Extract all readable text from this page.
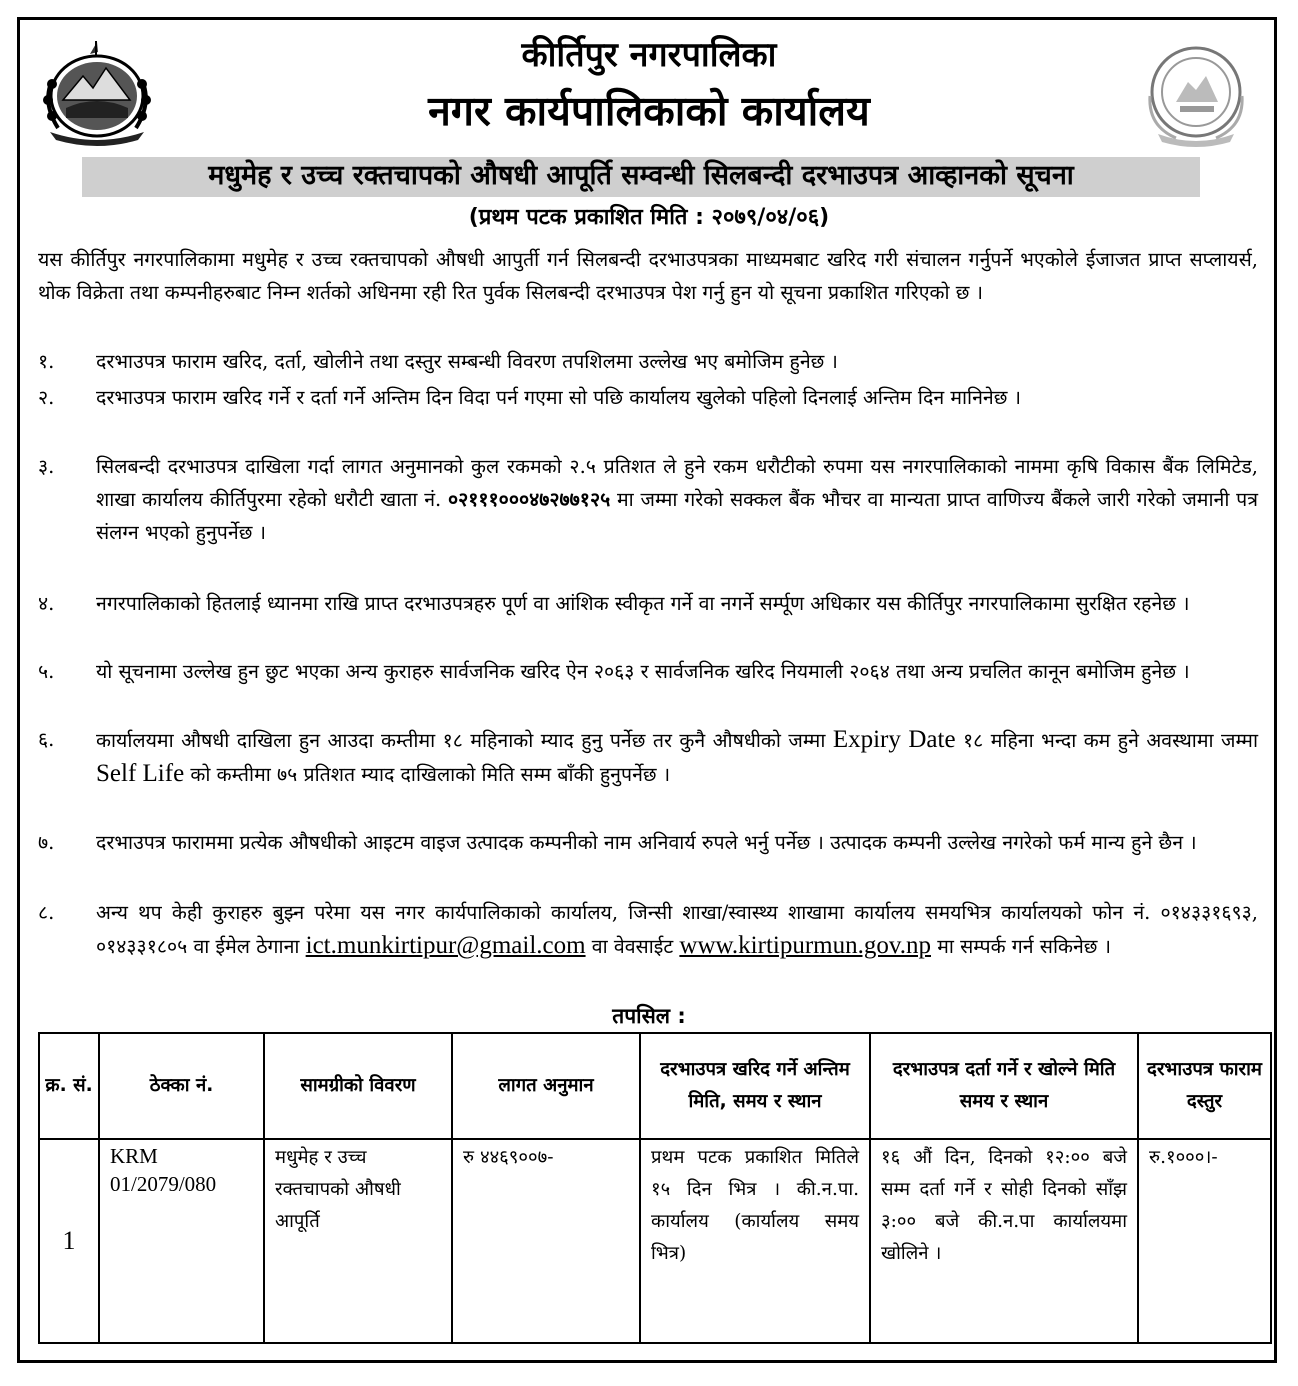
कीर्तिपुर नगरपालिका
नगर कार्यपालिकाको कार्यालय
मधुमेह र उच्च रक्तचापको औषधी आपूर्ति सम्वन्धी सिलबन्दी दरभाउपत्र आव्हानको सूचना
(प्रथम पटक प्रकाशित मिति : २०७९/०४/०६)
यस कीर्तिपुर नगरपालिकामा मधुमेह र उच्च रक्तचापको औषधी आपुर्ती गर्न सिलबन्दी दरभाउपत्रका माध्यमबाट खरिद गरी संचालन गर्नुपर्ने भएकोले ईजाजत प्राप्त सप्लायर्स, थोक विक्रेता तथा कम्पनीहरुबाट निम्न शर्तको अधिनमा रही रित पुर्वक सिलबन्दी दरभाउपत्र पेश गर्नु हुन यो सूचना प्रकाशित गरिएको छ ।
१.	दरभाउपत्र फाराम खरिद, दर्ता, खोलीने तथा दस्तुर सम्बन्धी विवरण तपशिलमा उल्लेख भए बमोजिम हुनेछ ।
२.	दरभाउपत्र फाराम खरिद गर्ने र दर्ता गर्ने अन्तिम दिन विदा पर्न गएमा सो पछि कार्यालय खुलेको पहिलो दिनलाई अन्तिम दिन मानिनेछ ।
३.	सिलबन्दी दरभाउपत्र दाखिला गर्दा लागत अनुमानको कुल रकमको २.५ प्रतिशत ले हुने रकम धरौटीको रुपमा यस नगरपालिकाको नाममा कृषि विकास बैंक लिमिटेड, शाखा कार्यालय कीर्तिपुरमा रहेको धरौटी खाता नं. ०२१११०००४७२७७१२५ मा जम्मा गरेको सक्कल बैंक भौचर वा मान्यता प्राप्त वाणिज्य बैंकले जारी गरेको जमानी पत्र संलग्न भएको हुनुपर्नेछ ।
४.	नगरपालिकाको हितलाई ध्यानमा राखि प्राप्त दरभाउपत्रहरु पूर्ण वा आंशिक स्वीकृत गर्ने वा नगर्ने सर्म्पूण अधिकार यस कीर्तिपुर नगरपालिकामा सुरक्षित रहनेछ ।
५.	यो सूचनामा उल्लेख हुन छुट भएका अन्य कुराहरु सार्वजनिक खरिद ऐन २०६३ र सार्वजनिक खरिद नियमाली २०६४ तथा अन्य प्रचलित कानून बमोजिम हुनेछ ।
६.	कार्यालयमा औषधी दाखिला हुन आउदा कम्तीमा १८ महिनाको म्याद हुनु पर्नेछ तर कुनै औषधीको जम्मा Expiry Date १८ महिना भन्दा कम हुने अवस्थामा जम्मा Self Life को कम्तीमा ७५ प्रतिशत म्याद दाखिलाको मिति सम्म बाँकी हुनुपर्नेछ ।
७.	दरभाउपत्र फाराममा प्रत्येक औषधीको आइटम वाइज उत्पादक कम्पनीको नाम अनिवार्य रुपले भर्नु पर्नेछ । उत्पादक कम्पनी उल्लेख नगरेको फर्म मान्य हुने छैन ।
८.	अन्य थप केही कुराहरु बुझ्न परेमा यस नगर कार्यपालिकाको कार्यालय, जिन्सी शाखा/स्वास्थ्य शाखामा कार्यालय समयभित्र कार्यालयको फोन नं. ०१४३३१६९३, ०१४३३१८०५ वा ईमेल ठेगाना ict.munkirtipur@gmail.com वा वेवसाईट www.kirtipurmun.gov.np मा सम्पर्क गर्न सकिनेछ ।
तपसिल :
क्र. सं.	ठेक्का नं.	सामग्रीको विवरण	लागत अनुमान	दरभाउपत्र खरिद गर्ने अन्तिम मिति, समय र स्थान	दरभाउपत्र दर्ता गर्ने र खोल्ने मिति समय र स्थान	दरभाउपत्र फाराम दस्तुर
1	KRM 01/2079/080	मधुमेह र उच्च रक्तचापको औषधी आपूर्ति	रु ४४६९००७-	प्रथम पटक प्रकाशित मितिले १५ दिन भित्र । की.न.पा. कार्यालय (कार्यालय समय भित्र)	१६ औं दिन, दिनको १२:०० बजे सम्म दर्ता गर्ने र सोही दिनको साँझ ३:०० बजे की.न.पा कार्यालयमा खोलिने ।	रु.१०००।-
